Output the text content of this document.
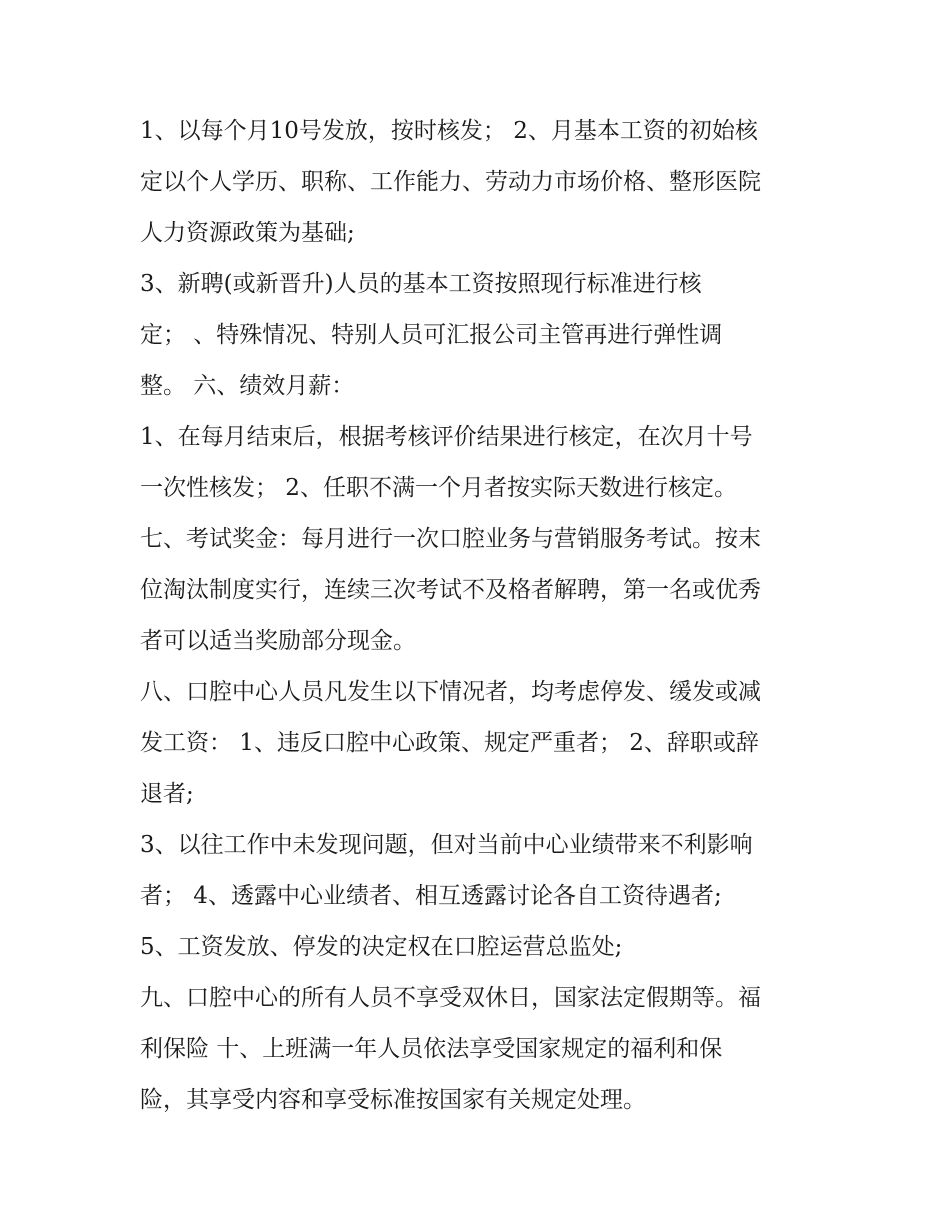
1、以每个月10号发放，按时核发； 2、月基本工资的初始核
定以个人学历、职称、工作能力、劳动力市场价格、整形医院
人力资源政策为基础;
3、新聘(或新晋升)人员的基本工资按照现行标准进行核
定； 、特殊情况、特别人员可汇报公司主管再进行弹性调
整。 六、绩效月薪：
1、在每月结束后，根据考核评价结果进行核定，在次月十号
一次性核发； 2、任职不满一个月者按实际天数进行核定。
七、考试奖金：每月进行一次口腔业务与营销服务考试。按末
位淘汰制度实行，连续三次考试不及格者解聘，第一名或优秀
者可以适当奖励部分现金。
八、口腔中心人员凡发生以下情况者，均考虑停发、缓发或减
发工资： 1、违反口腔中心政策、规定严重者； 2、辞职或辞
退者;
3、以往工作中未发现问题，但对当前中心业绩带来不利影响
者； 4、透露中心业绩者、相互透露讨论各自工资待遇者;
5、工资发放、停发的决定权在口腔运营总监处;
九、口腔中心的所有人员不享受双休日，国家法定假期等。福
利保险 十、上班满一年人员依法享受国家规定的福利和保
险，其享受内容和享受标准按国家有关规定处理。
